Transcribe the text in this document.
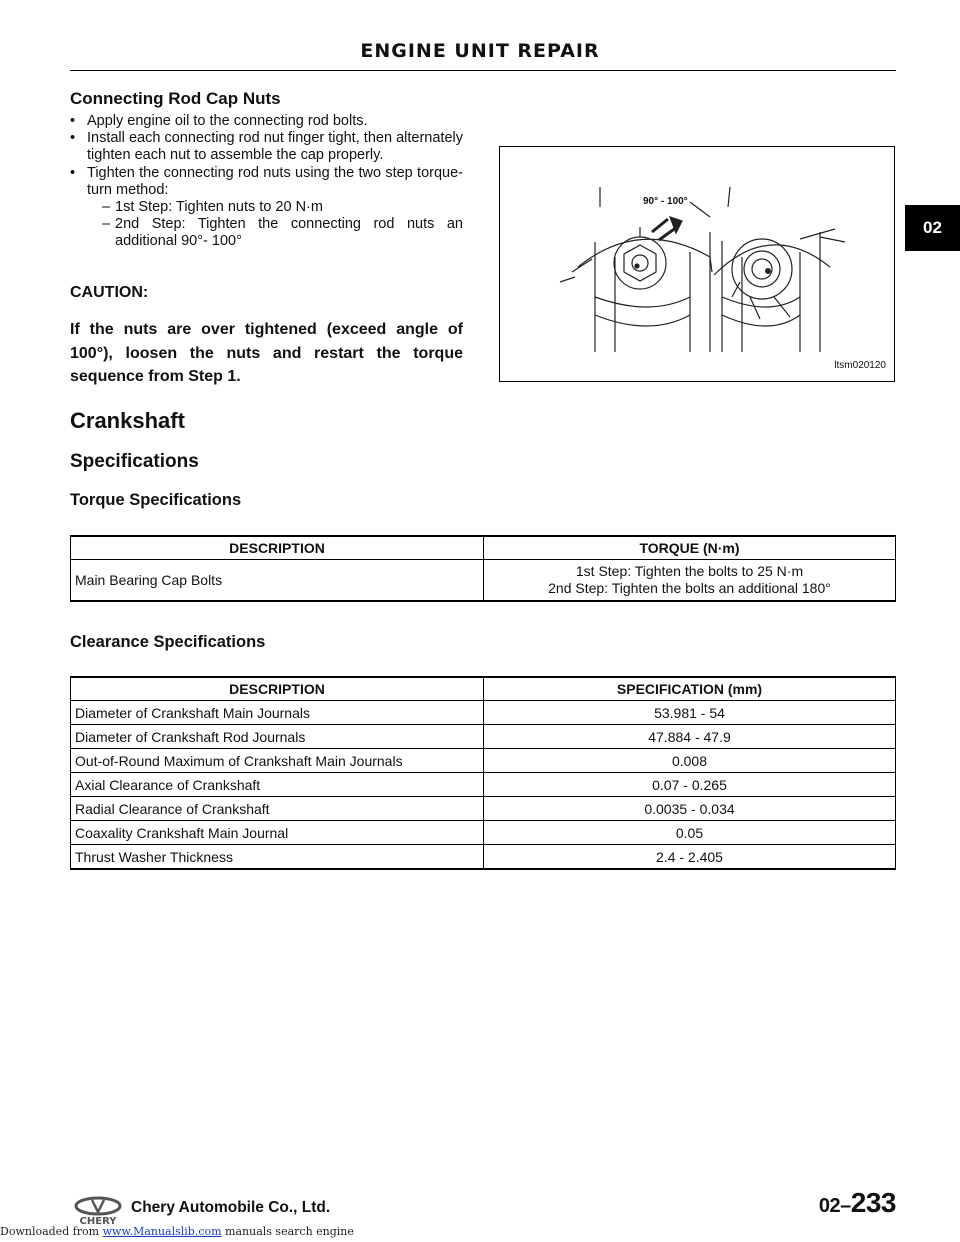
ENGINE UNIT REPAIR
02
Connecting Rod Cap Nuts
• Apply engine oil to the connecting rod bolts.
• Install each connecting rod nut finger tight, then alternately tighten each nut to assemble the cap properly.
• Tighten the connecting rod nuts using the two step torque-turn method:
– 1st Step: Tighten nuts to 20 N·m
– 2nd Step: Tighten the connecting rod nuts an additional 90°- 100°
CAUTION:
If the nuts are over tightened (exceed angle of 100°), loosen the nuts and restart the torque sequence from Step 1.
90° - 100°
ltsm020120
Crankshaft
Specifications
Torque Specifications
DESCRIPTION	TORQUE (N·m)
Main Bearing Cap Bolts	1st Step: Tighten the bolts to 25 N·m
2nd Step: Tighten the bolts an additional 180°
Clearance Specifications
DESCRIPTION	SPECIFICATION (mm)
Diameter of Crankshaft Main Journals	53.981 - 54
Diameter of Crankshaft Rod Journals	47.884 - 47.9
Out-of-Round Maximum of Crankshaft Main Journals	0.008
Axial Clearance of Crankshaft	0.07 - 0.265
Radial Clearance of Crankshaft	0.0035 - 0.034
Coaxality Crankshaft Main Journal	0.05
Thrust Washer Thickness	2.4 - 2.405
CHERY
Chery Automobile Co., Ltd.	02–233
Downloaded from www.Manualslib.com manuals search engine
